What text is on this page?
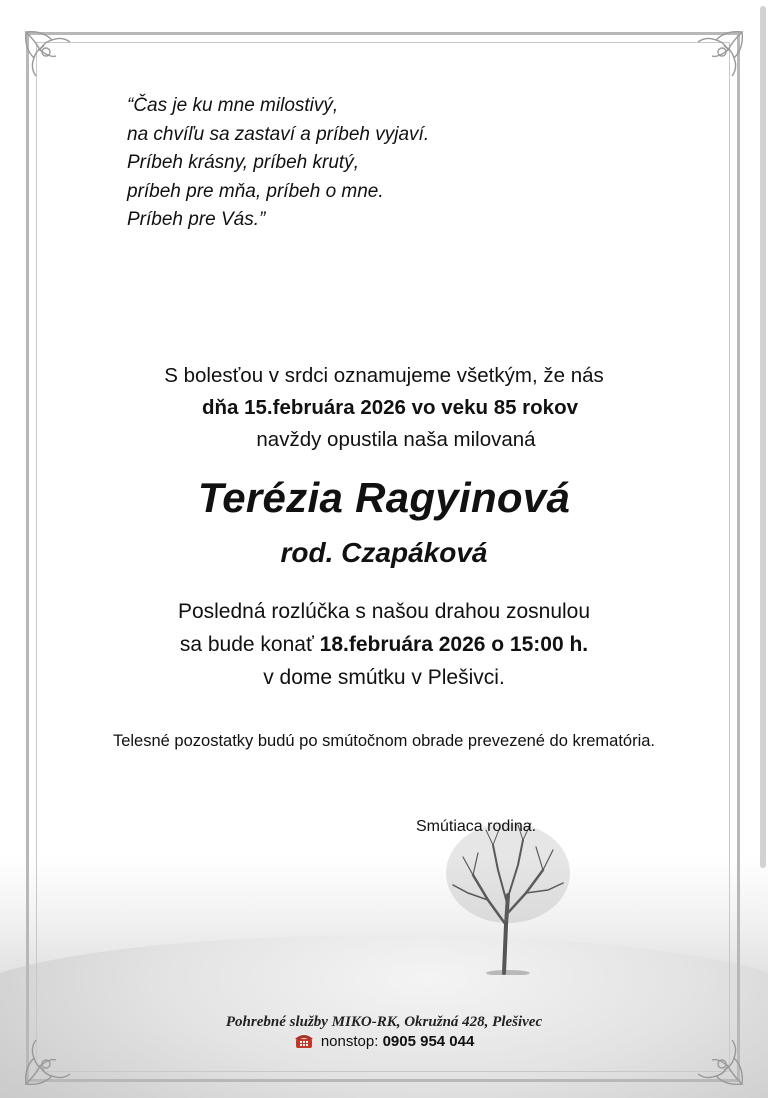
“Čas je ku mne milostivý,
na chvíľu sa zastaví a príbeh vyjaví.
Príbeh krásny, príbeh krutý,
príbeh pre mňa, príbeh o mne.
Príbeh pre Vás.”
S bolesťou v srdci oznamujeme všetkým, že nás
dňa 15.februára 2026 vo veku 85 rokov
navždy opustila naša milovaná
Terézia Ragyinová
rod. Czapáková
Posledná rozlúčka s našou drahou zosnulou
sa bude konať 18.februára 2026 o 15:00 h.
v dome smútku v Plešivci.
Telesné pozostatky budú po smútočnom obrade prevezené do krematória.
Smútiaca rodina.
Pohrebné služby MIKO-RK, Okružná 428, Plešivec
nonstop: 0905 954 044
